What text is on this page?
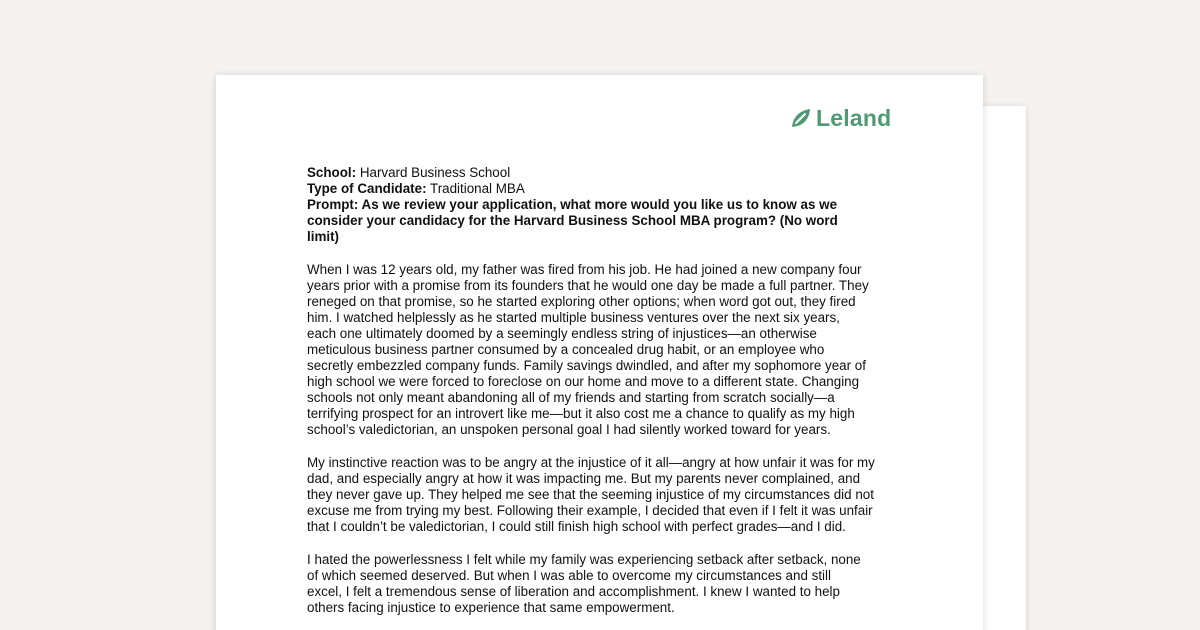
Leland
School: Harvard Business School
Type of Candidate: Traditional MBA
Prompt: As we review your application, what more would you like us to know as we consider your candidacy for the Harvard Business School MBA program? (No word limit)
When I was 12 years old, my father was fired from his job. He had joined a new company four
years prior with a promise from its founders that he would one day be made a full partner. They
reneged on that promise, so he started exploring other options; when word got out, they fired
him. I watched helplessly as he started multiple business ventures over the next six years,
each one ultimately doomed by a seemingly endless string of injustices—an otherwise
meticulous business partner consumed by a concealed drug habit, or an employee who
secretly embezzled company funds. Family savings dwindled, and after my sophomore year of
high school we were forced to foreclose on our home and move to a different state. Changing
schools not only meant abandoning all of my friends and starting from scratch socially—a
terrifying prospect for an introvert like me—but it also cost me a chance to qualify as my high
school’s valedictorian, an unspoken personal goal I had silently worked toward for years.
My instinctive reaction was to be angry at the injustice of it all—angry at how unfair it was for my
dad, and especially angry at how it was impacting me. But my parents never complained, and
they never gave up. They helped me see that the seeming injustice of my circumstances did not
excuse me from trying my best. Following their example, I decided that even if I felt it was unfair
that I couldn’t be valedictorian, I could still finish high school with perfect grades—and I did.
I hated the powerlessness I felt while my family was experiencing setback after setback, none
of which seemed deserved. But when I was able to overcome my circumstances and still
excel, I felt a tremendous sense of liberation and accomplishment. I knew I wanted to help
others facing injustice to experience that same empowerment.
